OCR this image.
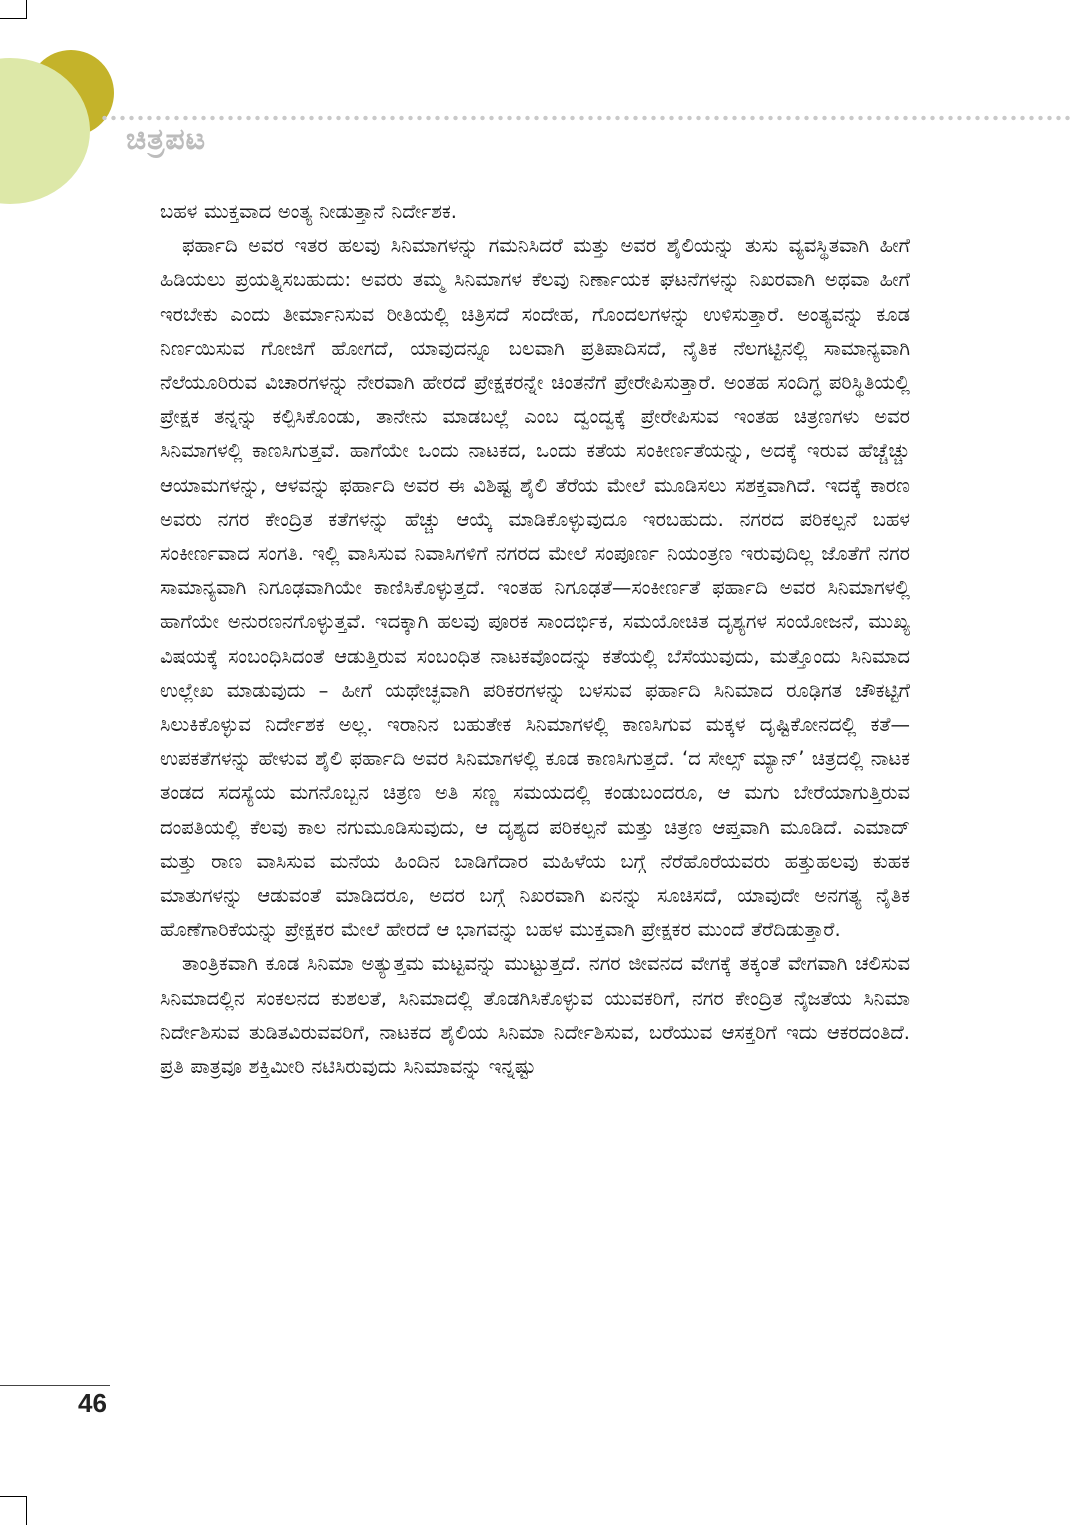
ಚಿತ್ರಪಟ

ಬಹಳ ಮುಕ್ತವಾದ ಅಂತ್ಯ ನೀಡುತ್ತಾನೆ ನಿರ್ದೇಶಕ.

ಫರ್ಹಾದಿ ಅವರ ಇತರ ಹಲವು ಸಿನಿಮಾಗಳನ್ನು ಗಮನಿಸಿದರೆ ಮತ್ತು ಅವರ ಶೈಲಿಯನ್ನು ತುಸು ವ್ಯವಸ್ಥಿತವಾಗಿ ಹೀಗೆ ಹಿಡಿಯಲು ಪ್ರಯತ್ನಿಸಬಹುದು: ಅವರು ತಮ್ಮ ಸಿನಿಮಾಗಳ ಕೆಲವು ನಿರ್ಣಾಯಕ ಘಟನೆಗಳನ್ನು ನಿಖರವಾಗಿ ಅಥವಾ ಹೀಗೆ ಇರಬೇಕು ಎಂದು ತೀರ್ಮಾನಿಸುವ ರೀತಿಯಲ್ಲಿ ಚಿತ್ರಿಸದೆ ಸಂದೇಹ, ಗೊಂದಲಗಳನ್ನು ಉಳಿಸುತ್ತಾರೆ. ಅಂತ್ಯವನ್ನು ಕೂಡ ನಿರ್ಣಯಿಸುವ ಗೋಜಿಗೆ ಹೋಗದೆ, ಯಾವುದನ್ನೂ ಬಲವಾಗಿ ಪ್ರತಿಪಾದಿಸದೆ, ನೈತಿಕ ನೆಲಗಟ್ಟಿನಲ್ಲಿ ಸಾಮಾನ್ಯವಾಗಿ ನೆಲೆಯೂರಿರುವ ವಿಚಾರಗಳನ್ನು ನೇರವಾಗಿ ಹೇರದೆ ಪ್ರೇಕ್ಷಕರನ್ನೇ ಚಿಂತನೆಗೆ ಪ್ರೇರೇಪಿಸುತ್ತಾರೆ. ಅಂತಹ ಸಂದಿಗ್ಧ ಪರಿಸ್ಥಿತಿಯಲ್ಲಿ ಪ್ರೇಕ್ಷಕ ತನ್ನನ್ನು ಕಲ್ಪಿಸಿಕೊಂಡು, ತಾನೇನು ಮಾಡಬಲ್ಲೆ ಎಂಬ ದ್ವಂದ್ವಕ್ಕೆ ಪ್ರೇರೇಪಿಸುವ ಇಂತಹ ಚಿತ್ರಣಗಳು ಅವರ ಸಿನಿಮಾಗಳಲ್ಲಿ ಕಾಣಸಿಗುತ್ತವೆ. ಹಾಗೆಯೇ ಒಂದು ನಾಟಕದ, ಒಂದು ಕತೆಯ ಸಂಕೀರ್ಣತೆಯನ್ನು, ಅದಕ್ಕೆ ಇರುವ ಹೆಚ್ಚೆಚ್ಚು ಆಯಾಮಗಳನ್ನು, ಆಳವನ್ನು ಫರ್ಹಾದಿ ಅವರ ಈ ವಿಶಿಷ್ಟ ಶೈಲಿ ತೆರೆಯ ಮೇಲೆ ಮೂಡಿಸಲು ಸಶಕ್ತವಾಗಿದೆ. ಇದಕ್ಕೆ ಕಾರಣ ಅವರು ನಗರ ಕೇಂದ್ರಿತ ಕತೆಗಳನ್ನು ಹೆಚ್ಚು ಆಯ್ಕೆ ಮಾಡಿಕೊಳ್ಳುವುದೂ ಇರಬಹುದು. ನಗರದ ಪರಿಕಲ್ಪನೆ ಬಹಳ ಸಂಕೀರ್ಣವಾದ ಸಂಗತಿ. ಇಲ್ಲಿ ವಾಸಿಸುವ ನಿವಾಸಿಗಳಿಗೆ ನಗರದ ಮೇಲೆ ಸಂಪೂರ್ಣ ನಿಯಂತ್ರಣ ಇರುವುದಿಲ್ಲ ಜೊತೆಗೆ ನಗರ ಸಾಮಾನ್ಯವಾಗಿ ನಿಗೂಢವಾಗಿಯೇ ಕಾಣಿಸಿಕೊಳ್ಳುತ್ತದೆ. ಇಂತಹ ನಿಗೂಢತೆ—ಸಂಕೀರ್ಣತೆ ಫರ್ಹಾದಿ ಅವರ ಸಿನಿಮಾಗಳಲ್ಲಿ ಹಾಗೆಯೇ ಅನುರಣನಗೊಳ್ಳುತ್ತವೆ. ಇದಕ್ಕಾಗಿ ಹಲವು ಪೂರಕ ಸಾಂದರ್ಭಿಕ, ಸಮಯೋಚಿತ ದೃಶ್ಯಗಳ ಸಂಯೋಜನೆ, ಮುಖ್ಯ ವಿಷಯಕ್ಕೆ ಸಂಬಂಧಿಸಿದಂತೆ ಆಡುತ್ತಿರುವ ಸಂಬಂಧಿತ ನಾಟಕವೊಂದನ್ನು ಕತೆಯಲ್ಲಿ ಬೆಸೆಯುವುದು, ಮತ್ತೊಂದು ಸಿನಿಮಾದ ಉಲ್ಲೇಖ ಮಾಡುವುದು – ಹೀಗೆ ಯಥೇಚ್ಛವಾಗಿ ಪರಿಕರಗಳನ್ನು ಬಳಸುವ ಫರ್ಹಾದಿ ಸಿನಿಮಾದ ರೂಢಿಗತ ಚೌಕಟ್ಟಿಗೆ ಸಿಲುಕಿಕೊಳ್ಳುವ ನಿರ್ದೇಶಕ ಅಲ್ಲ. ಇರಾನಿನ ಬಹುತೇಕ ಸಿನಿಮಾಗಳಲ್ಲಿ ಕಾಣಸಿಗುವ ಮಕ್ಕಳ ದೃಷ್ಟಿಕೋನದಲ್ಲಿ ಕತೆ—ಉಪಕತೆಗಳನ್ನು ಹೇಳುವ ಶೈಲಿ ಫರ್ಹಾದಿ ಅವರ ಸಿನಿಮಾಗಳಲ್ಲಿ ಕೂಡ ಕಾಣಸಿಗುತ್ತದೆ. ‘ದ ಸೇಲ್ಸ್ ಮ್ಯಾನ್’ ಚಿತ್ರದಲ್ಲಿ ನಾಟಕ ತಂಡದ ಸದಸ್ಯೆಯ ಮಗನೊಬ್ಬನ ಚಿತ್ರಣ ಅತಿ ಸಣ್ಣ ಸಮಯದಲ್ಲಿ ಕಂಡುಬಂದರೂ, ಆ ಮಗು ಬೇರೆಯಾಗುತ್ತಿರುವ ದಂಪತಿಯಲ್ಲಿ ಕೆಲವು ಕಾಲ ನಗುಮೂಡಿಸುವುದು, ಆ ದೃಶ್ಯದ ಪರಿಕಲ್ಪನೆ ಮತ್ತು ಚಿತ್ರಣ ಆಪ್ತವಾಗಿ ಮೂಡಿದೆ. ಎಮಾದ್ ಮತ್ತು ರಾಣ ವಾಸಿಸುವ ಮನೆಯ ಹಿಂದಿನ ಬಾಡಿಗೆದಾರ ಮಹಿಳೆಯ ಬಗ್ಗೆ ನೆರೆಹೊರೆಯವರು ಹತ್ತುಹಲವು ಕುಹಕ ಮಾತುಗಳನ್ನು ಆಡುವಂತೆ ಮಾಡಿದರೂ, ಅದರ ಬಗ್ಗೆ ನಿಖರವಾಗಿ ಏನನ್ನು ಸೂಚಿಸದೆ, ಯಾವುದೇ ಅನಗತ್ಯ ನೈತಿಕ ಹೊಣೆಗಾರಿಕೆಯನ್ನು ಪ್ರೇಕ್ಷಕರ ಮೇಲೆ ಹೇರದೆ ಆ ಭಾಗವನ್ನು ಬಹಳ ಮುಕ್ತವಾಗಿ ಪ್ರೇಕ್ಷಕರ ಮುಂದೆ ತೆರೆದಿಡುತ್ತಾರೆ.

ತಾಂತ್ರಿಕವಾಗಿ ಕೂಡ ಸಿನಿಮಾ ಅತ್ಯುತ್ತಮ ಮಟ್ಟವನ್ನು ಮುಟ್ಟುತ್ತದೆ. ನಗರ ಜೀವನದ ವೇಗಕ್ಕೆ ತಕ್ಕಂತೆ ವೇಗವಾಗಿ ಚಲಿಸುವ ಸಿನಿಮಾದಲ್ಲಿನ ಸಂಕಲನದ ಕುಶಲತೆ, ಸಿನಿಮಾದಲ್ಲಿ ತೊಡಗಿಸಿಕೊಳ್ಳುವ ಯುವಕರಿಗೆ, ನಗರ ಕೇಂದ್ರಿತ ನೈಜತೆಯ ಸಿನಿಮಾ ನಿರ್ದೇಶಿಸುವ ತುಡಿತವಿರುವವರಿಗೆ, ನಾಟಕದ ಶೈಲಿಯ ಸಿನಿಮಾ ನಿರ್ದೇಶಿಸುವ, ಬರೆಯುವ ಆಸಕ್ತರಿಗೆ ಇದು ಆಕರದಂತಿದೆ. ಪ್ರತಿ ಪಾತ್ರವೂ ಶಕ್ತಿಮೀರಿ ನಟಿಸಿರುವುದು ಸಿನಿಮಾವನ್ನು ಇನ್ನಷ್ಟು

46
